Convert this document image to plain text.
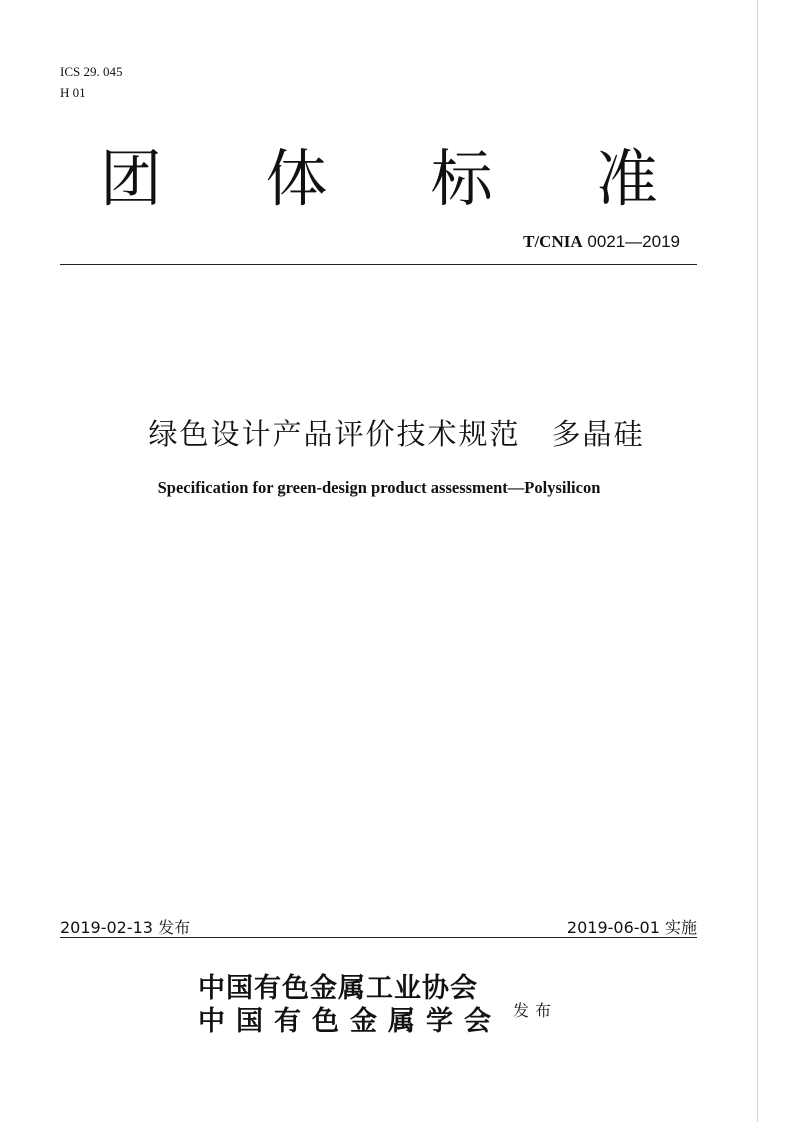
ICS 29. 045
H 01
团 体 标 准
T/CNIA 0021—2019
绿色设计产品评价技术规范　多晶硅
Specification for green-design product assessment—Polysilicon
2019-02-13 发布	2019-06-01 实施
中国有色金属工业协会
中国有色金属学会 发布
